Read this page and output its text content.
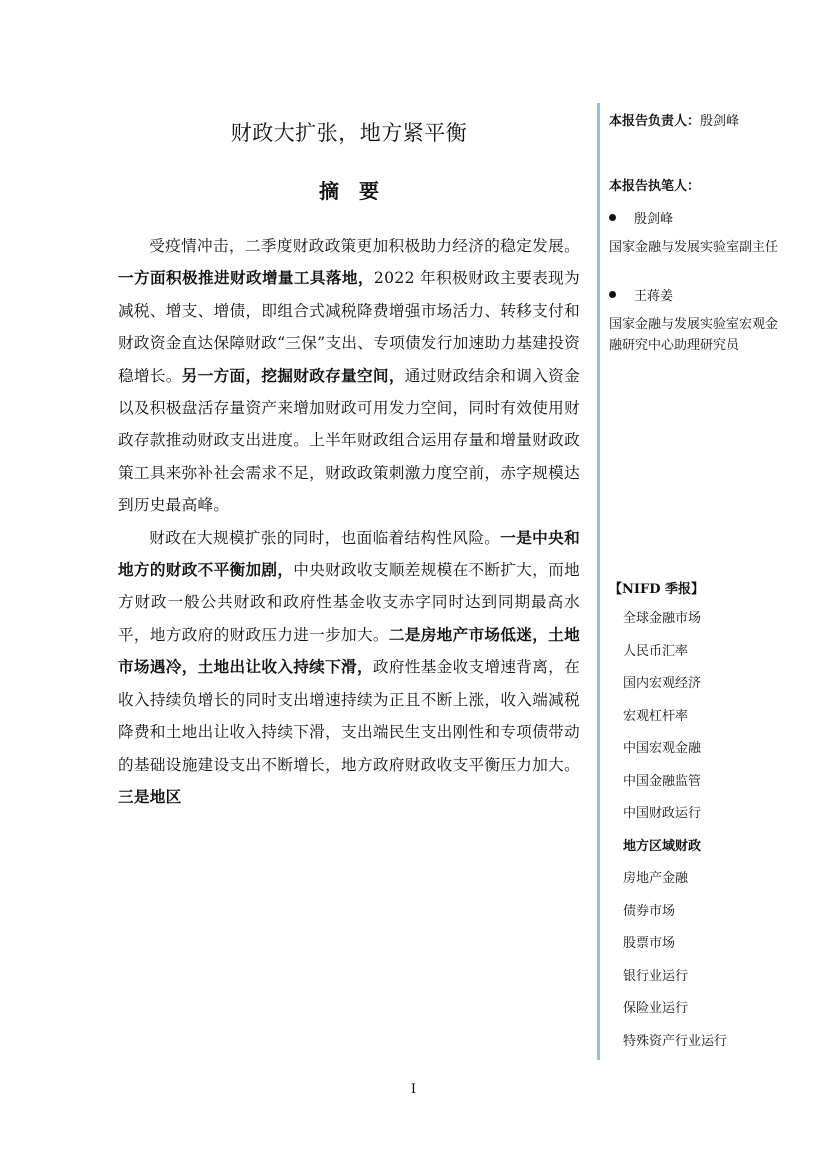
财政大扩张，地方紧平衡
摘要

受疫情冲击，二季度财政政策更加积极助力经济的稳定发展。一方面积极推进财政增量工具落地，2022 年积极财政主要表现为减税、增支、增债，即组合式减税降费增强市场活力、转移支付和财政资金直达保障财政“三保”支出、专项债发行加速助力基建投资稳增长。另一方面，挖掘财政存量空间，通过财政结余和调入资金以及积极盘活存量资产来增加财政可用发力空间，同时有效使用财政存款推动财政支出进度。上半年财政组合运用存量和增量财政政策工具来弥补社会需求不足，财政政策刺激力度空前，赤字规模达到历史最高峰。

财政在大规模扩张的同时，也面临着结构性风险。一是中央和地方的财政不平衡加剧，中央财政收支顺差规模在不断扩大，而地方财政一般公共财政和政府性基金收支赤字同时达到同期最高水平，地方政府的财政压力进一步加大。二是房地产市场低迷，土地市场遇冷，土地出让收入持续下滑，政府性基金收支增速背离，在收入持续负增长的同时支出增速持续为正且不断上涨，收入端减税降费和土地出让收入持续下滑，支出端民生支出刚性和专项债带动的基础设施建设支出不断增长，地方政府财政收支平衡压力加大。三是地区

本报告负责人：殷剑峰
本报告执笔人：
殷剑峰
国家金融与发展实验室副主任
王蒋姜
国家金融与发展实验室宏观金融研究中心助理研究员
【NIFD 季报】
全球金融市场
人民币汇率
国内宏观经济
宏观杠杆率
中国宏观金融
中国金融监管
中国财政运行
地方区域财政
房地产金融
债券市场
股票市场
银行业运行
保险业运行
特殊资产行业运行
I
